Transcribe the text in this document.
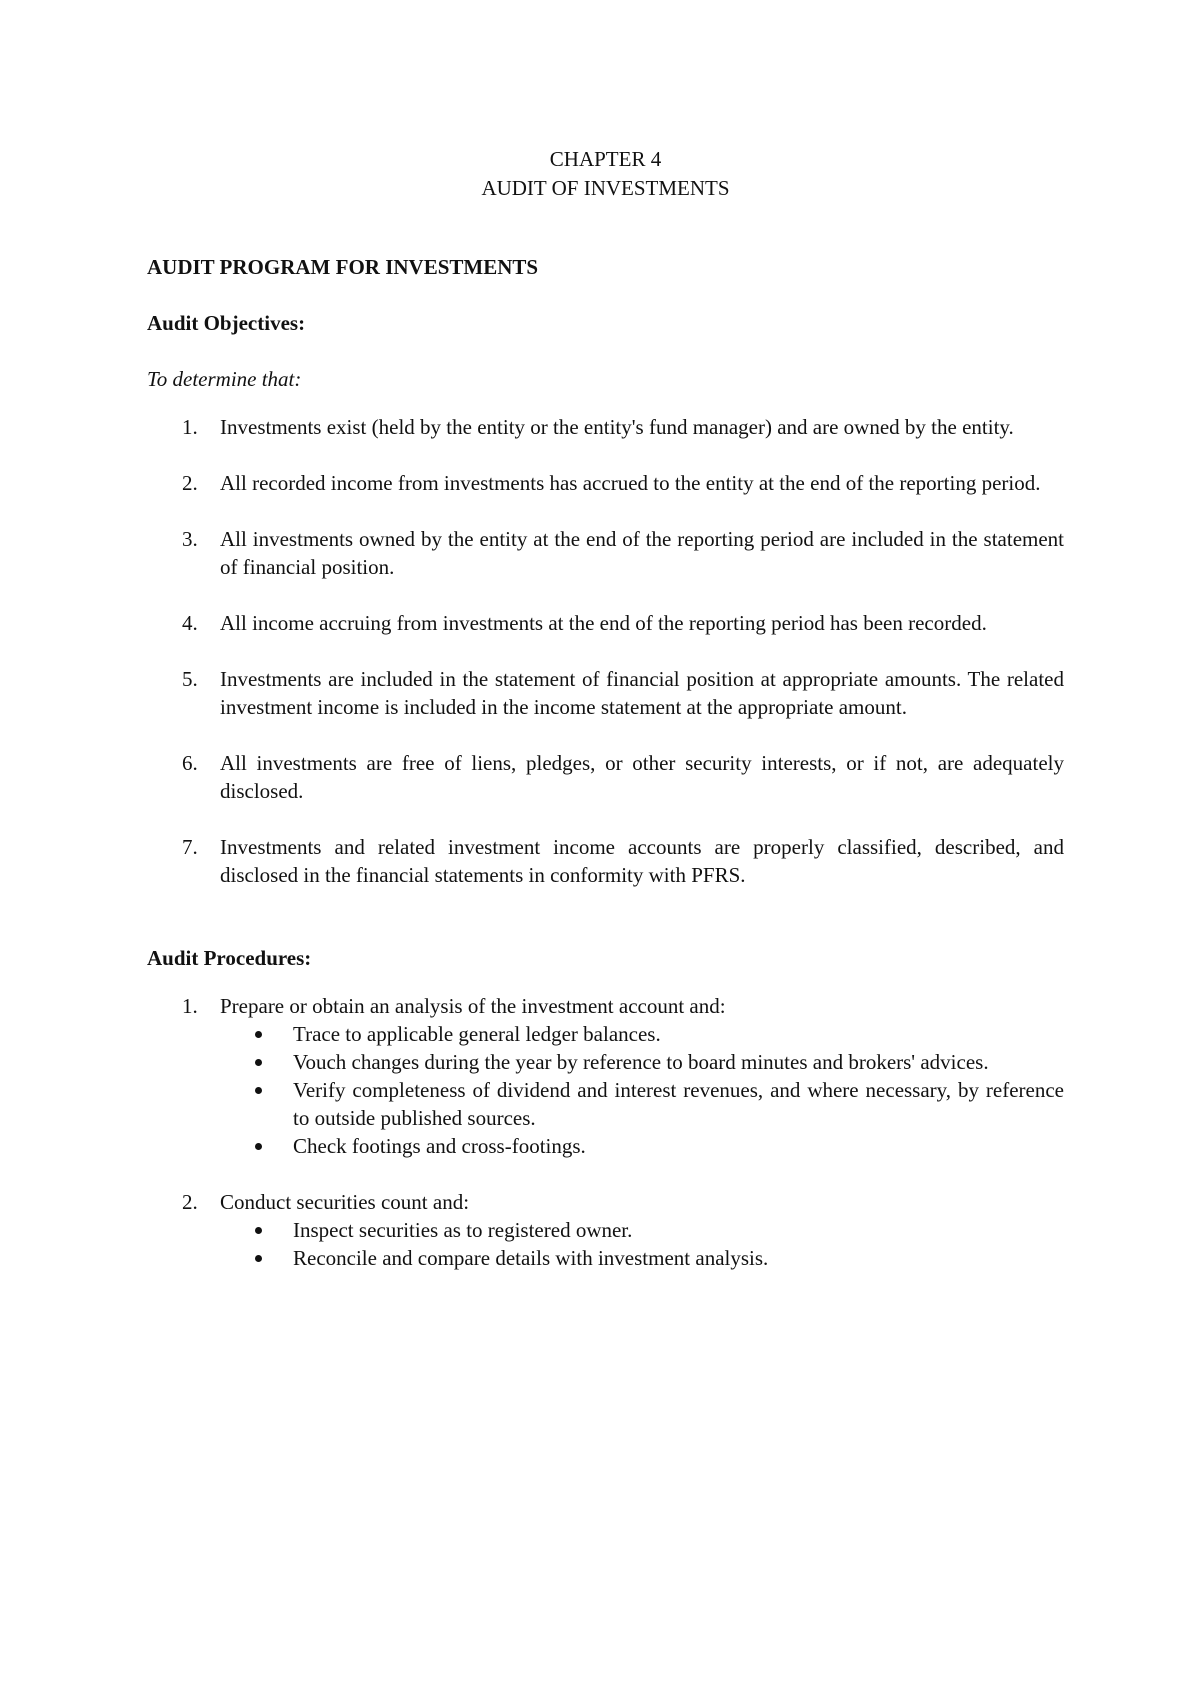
CHAPTER 4
AUDIT OF INVESTMENTS
AUDIT PROGRAM FOR INVESTMENTS
Audit Objectives:
To determine that:
1. Investments exist (held by the entity or the entity's fund manager) and are owned by the entity.
2. All recorded income from investments has accrued to the entity at the end of the reporting period.
3. All investments owned by the entity at the end of the reporting period are included in the statement of financial position.
4. All income accruing from investments at the end of the reporting period has been recorded.
5. Investments are included in the statement of financial position at appropriate amounts. The related investment income is included in the income statement at the appropriate amount.
6. All investments are free of liens, pledges, or other security interests, or if not, are adequately disclosed.
7. Investments and related investment income accounts are properly classified, described, and disclosed in the financial statements in conformity with PFRS.
Audit Procedures:
1. Prepare or obtain an analysis of the investment account and:
Trace to applicable general ledger balances.
Vouch changes during the year by reference to board minutes and brokers' advices.
Verify completeness of dividend and interest revenues, and where necessary, by reference to outside published sources.
Check footings and cross-footings.
2. Conduct securities count and:
Inspect securities as to registered owner.
Reconcile and compare details with investment analysis.
